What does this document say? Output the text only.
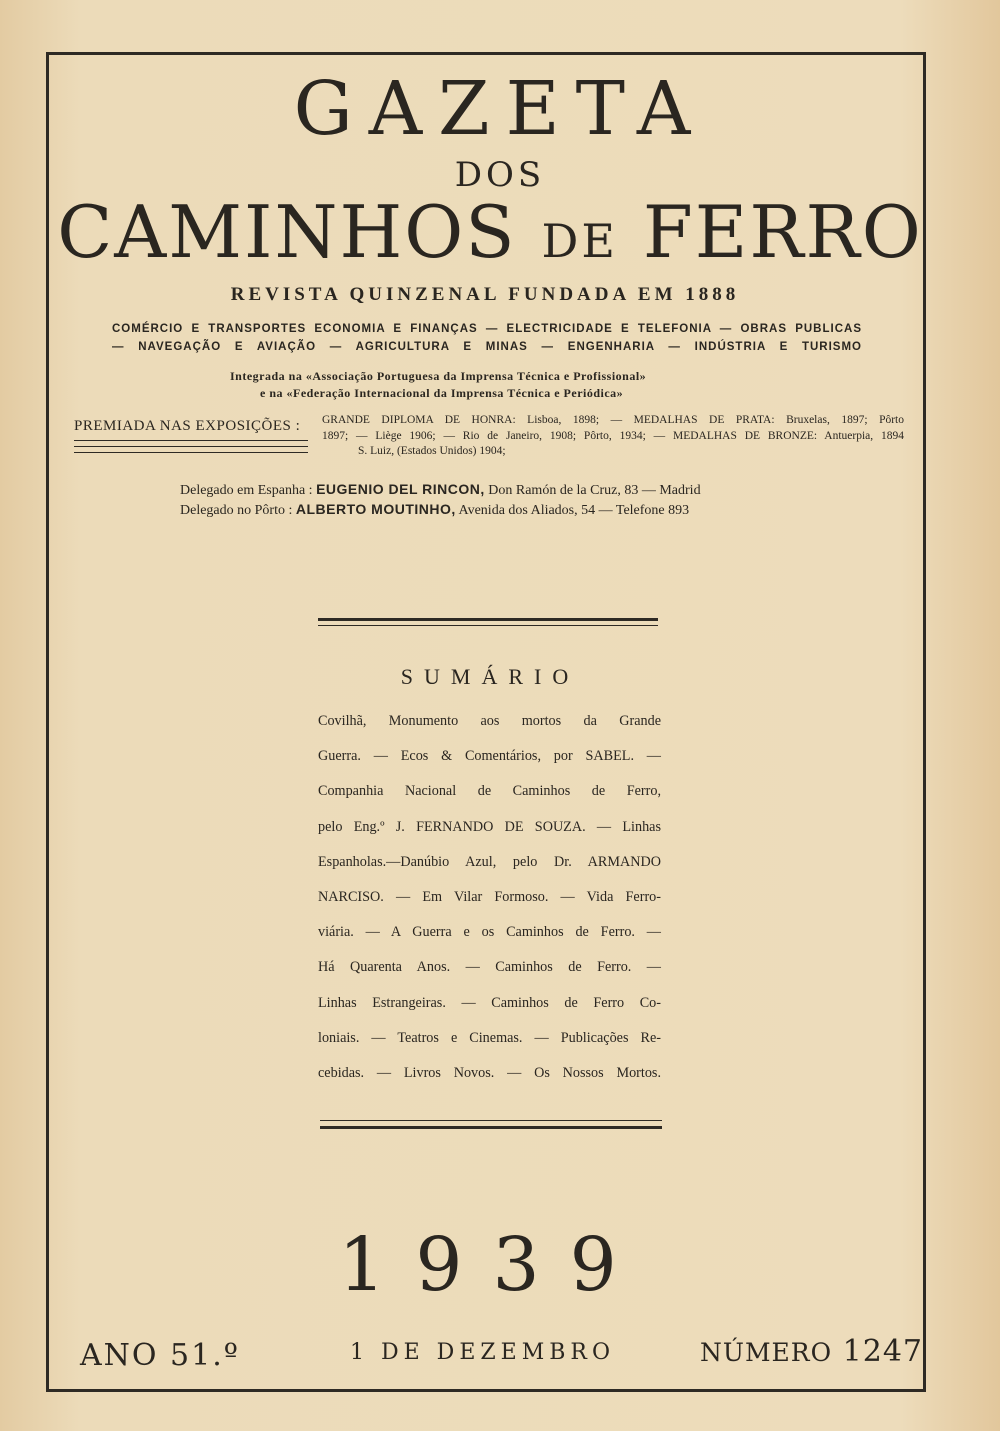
GAZETA
DOS
CAMINHOS DE FERRO
REVISTA QUINZENAL FUNDADA EM 1888
COMÉRCIO E TRANSPORTES ECONOMIA E FINANÇAS — ELECTRICIDADE E TELEFONIA — OBRAS PUBLICAS
— NAVEGAÇÃO E AVIAÇÃO — AGRICULTURA E MINAS — ENGENHARIA — INDÚSTRIA E TURISMO
Integrada na «Associação Portuguesa da Imprensa Técnica e Profissional»
e na «Federação Internacional da Imprensa Técnica e Periódica»
PREMIADA NAS EXPOSIÇÕES : GRANDE DIPLOMA DE HONRA: Lisboa, 1898; — MEDALHAS DE PRATA: Bruxelas, 1897; Pôrto
1897; — Liège 1906; — Rio de Janeiro, 1908; Pôrto, 1934; — MEDALHAS DE BRONZE: Antuerpia, 1894
S. Luiz, (Estados Unidos) 1904;
Delegado em Espanha : EUGENIO DEL RINCON, Don Ramón de la Cruz, 83 — Madrid
Delegado no Pôrto : ALBERTO MOUTINHO, Avenida dos Aliados, 54 — Telefone 893
SUMÁRIO
Covilhã, Monumento aos mortos da Grande
Guerra. — Ecos & Comentários, por SABEL. —
Companhia Nacional de Caminhos de Ferro,
pelo Eng.º J. FERNANDO DE SOUZA. — Linhas
Espanholas.—Danúbio Azul, pelo Dr. ARMANDO
NARCISO. — Em Vilar Formoso. — Vida Ferro-
viária. — A Guerra e os Caminhos de Ferro. —
Há Quarenta Anos. — Caminhos de Ferro. —
Linhas Estrangeiras. — Caminhos de Ferro Co-
loniais. — Teatros e Cinemas. — Publicações Re-
cebidas. — Livros Novos. — Os Nossos Mortos.
1939
ANO 51.º	1 DE DEZEMBRO	NÚMERO 1247
